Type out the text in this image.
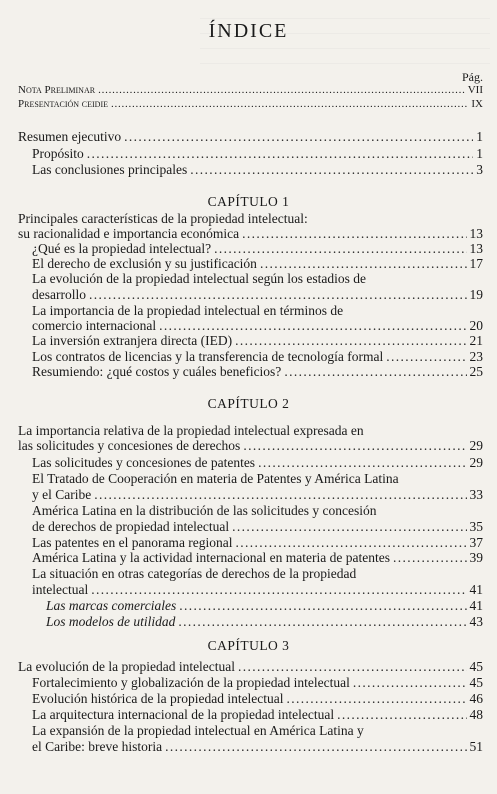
ÍNDICE
Pág.
Nota Preliminar . . .	VII
Presentación ceidie . . .	IX
Resumen ejecutivo . . .	1
Propósito . . .	1
Las conclusiones principales . . .	3
CAPÍTULO 1
Principales características de la propiedad intelectual:
su racionalidad e importancia económica . . .	13
¿Qué es la propiedad intelectual? . . .	13
El derecho de exclusión y su justificación . . .	17
La evolución de la propiedad intelectual según los estadios de
desarrollo . . .	19
La importancia de la propiedad intelectual en términos de
comercio internacional . . .	20
La inversión extranjera directa (IED) . . .	21
Los contratos de licencias y la transferencia de tecnología formal . . .	23
Resumiendo: ¿qué costos y cuáles beneficios? . . .	25
CAPÍTULO 2
La importancia relativa de la propiedad intelectual expresada en
las solicitudes y concesiones de derechos . . .	29
Las solicitudes y concesiones de patentes . . .	29
El Tratado de Cooperación en materia de Patentes y América Latina
y el Caribe . . .	33
América Latina en la distribución de las solicitudes y concesión
de derechos de propiedad intelectual . . .	35
Las patentes en el panorama regional . . .	37
América Latina y la actividad internacional en materia de patentes . . .	39
La situación en otras categorías de derechos de la propiedad
intelectual . . .	41
Las marcas comerciales . . .	41
Los modelos de utilidad . . .	43
CAPÍTULO 3
La evolución de la propiedad intelectual . . .	45
Fortalecimiento y globalización de la propiedad intelectual . . .	45
Evolución histórica de la propiedad intelectual . . .	46
La arquitectura internacional de la propiedad intelectual . . .	48
La expansión de la propiedad intelectual en América Latina y
el Caribe: breve historia . . .	51
